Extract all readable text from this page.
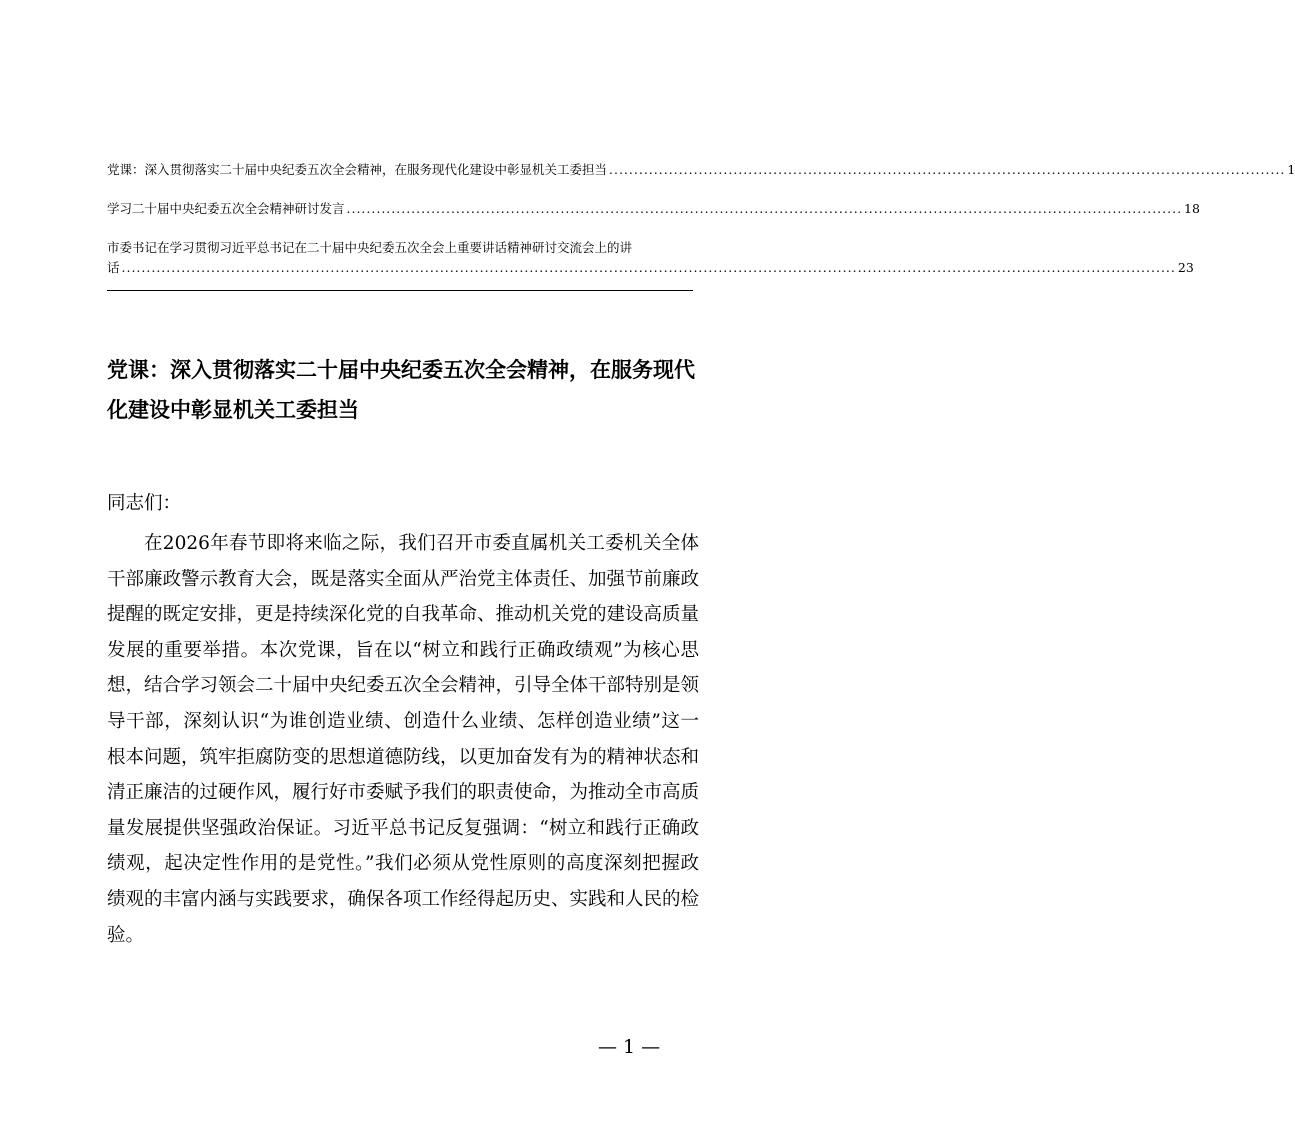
党课：深入贯彻落实二十届中央纪委五次全会精神，在服务现代化建设中彰显机关工委担当 ........................................................................................................................................ 1
学习二十届中央纪委五次全会精神研讨发言 ........................................................................................................................................................................ 18
市委书记在学习贯彻习近平总书记在二十届中央纪委五次全会上重要讲话精神研讨交流会上的讲
话 .................................................................................................................................................................................................................... 23
党课：深入贯彻落实二十届中央纪委五次全会精神，在服务现代化建设中彰显机关工委担当
同志们：
在2026年春节即将来临之际，我们召开市委直属机关工委机关全体干部廉政警示教育大会，既是落实全面从严治党主体责任、加强节前廉政提醒的既定安排，更是持续深化党的自我革命、推动机关党的建设高质量发展的重要举措。本次党课，旨在以“树立和践行正确政绩观”为核心思想，结合学习领会二十届中央纪委五次全会精神，引导全体干部特别是领导干部，深刻认识“为谁创造业绩、创造什么业绩、怎样创造业绩”这一根本问题，筑牢拒腐防变的思想道德防线，以更加奋发有为的精神状态和清正廉洁的过硬作风，履行好市委赋予我们的职责使命，为推动全市高质量发展提供坚强政治保证。习近平总书记反复强调：“树立和践行正确政绩观，起决定性作用的是党性。”我们必须从党性原则的高度深刻把握政绩观的丰富内涵与实践要求，确保各项工作经得起历史、实践和人民的检验。
— 1 —
